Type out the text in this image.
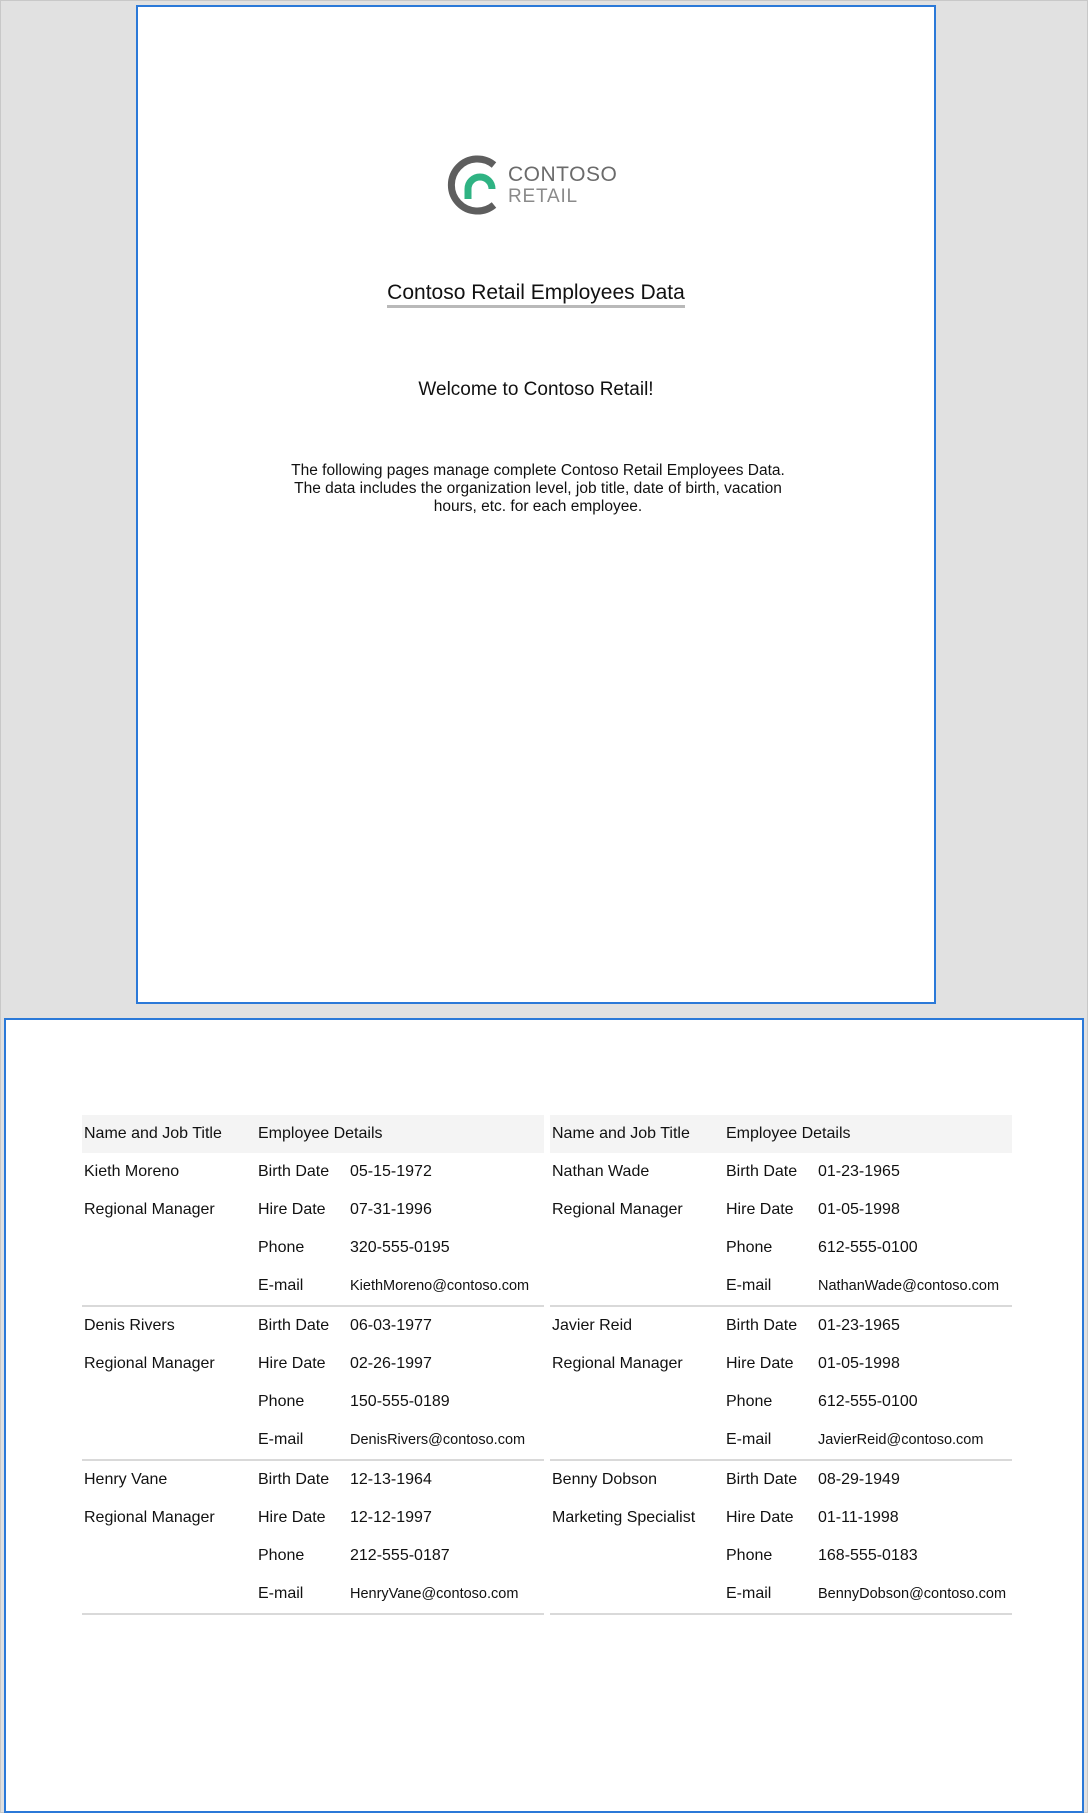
CONTOSO
RETAIL
Contoso Retail Employees Data
Welcome to Contoso Retail!
The following pages manage complete Contoso Retail Employees Data. The data includes the organization level, job title, date of birth, vacation hours, etc. for each employee.
Name and Job Title	Employee Details	
Kieth Moreno	Birth Date	05-15-1972
Regional Manager	Hire Date	07-31-1996
	Phone	320-555-0195
	E-mail	KiethMoreno@contoso.com
Denis Rivers	Birth Date	06-03-1977
Regional Manager	Hire Date	02-26-1997
	Phone	150-555-0189
	E-mail	DenisRivers@contoso.com
Henry Vane	Birth Date	12-13-1964
Regional Manager	Hire Date	12-12-1997
	Phone	212-555-0187
	E-mail	HenryVane@contoso.com
Name and Job Title	Employee Details	
Nathan Wade	Birth Date	01-23-1965
Regional Manager	Hire Date	01-05-1998
	Phone	612-555-0100
	E-mail	NathanWade@contoso.com
Javier Reid	Birth Date	01-23-1965
Regional Manager	Hire Date	01-05-1998
	Phone	612-555-0100
	E-mail	JavierReid@contoso.com
Benny Dobson	Birth Date	08-29-1949
Marketing Specialist	Hire Date	01-11-1998
	Phone	168-555-0183
	E-mail	BennyDobson@contoso.com
